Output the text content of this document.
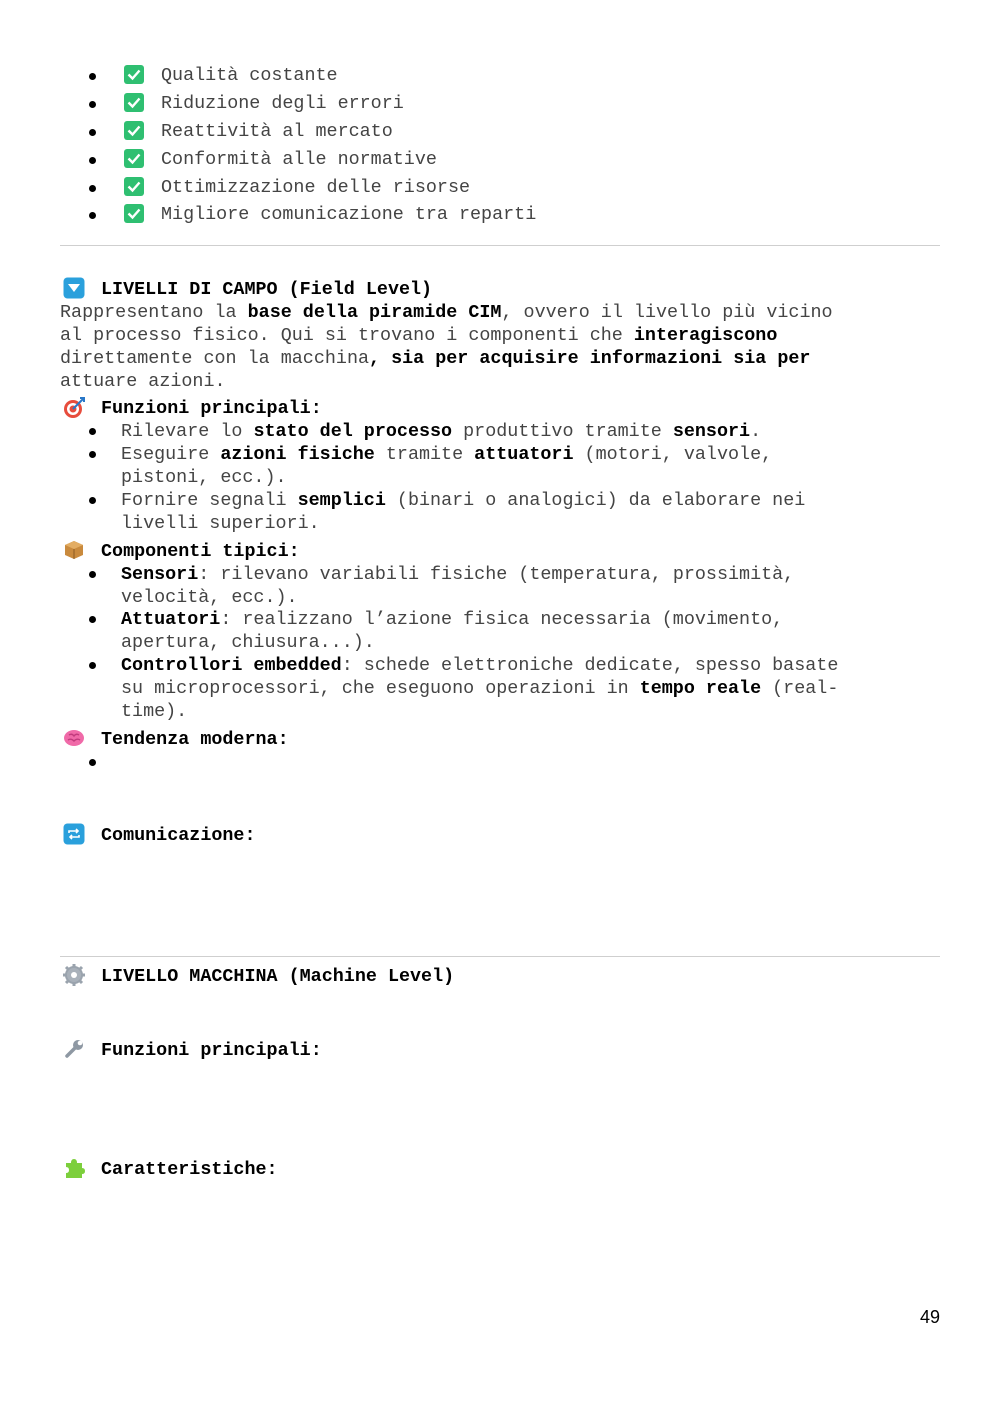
Qualità costante
Riduzione degli errori
Reattività al mercato
Conformità alle normative
Ottimizzazione delle risorse
Migliore comunicazione tra reparti
LIVELLI DI CAMPO (Field Level)
Rappresentano la base della piramide CIM, ovvero il livello più vicino
al processo fisico. Qui si trovano i componenti che interagiscono
direttamente con la macchina, sia per acquisire informazioni sia per
attuare azioni.
Funzioni principali:
Rilevare lo stato del processo produttivo tramite sensori.
Eseguire azioni fisiche tramite attuatori (motori, valvole,
pistoni, ecc.).
Fornire segnali semplici (binari o analogici) da elaborare nei
livelli superiori.
Componenti tipici:
Sensori: rilevano variabili fisiche (temperatura, prossimità,
velocità, ecc.).
Attuatori: realizzano l’azione fisica necessaria (movimento,
apertura, chiusura...).
Controllori embedded: schede elettroniche dedicate, spesso basate
su microprocessori, che eseguono operazioni in tempo reale (real-
time).
Tendenza moderna:
Comunicazione:
LIVELLO MACCHINA (Machine Level)
Funzioni principali:
Caratteristiche:
49
